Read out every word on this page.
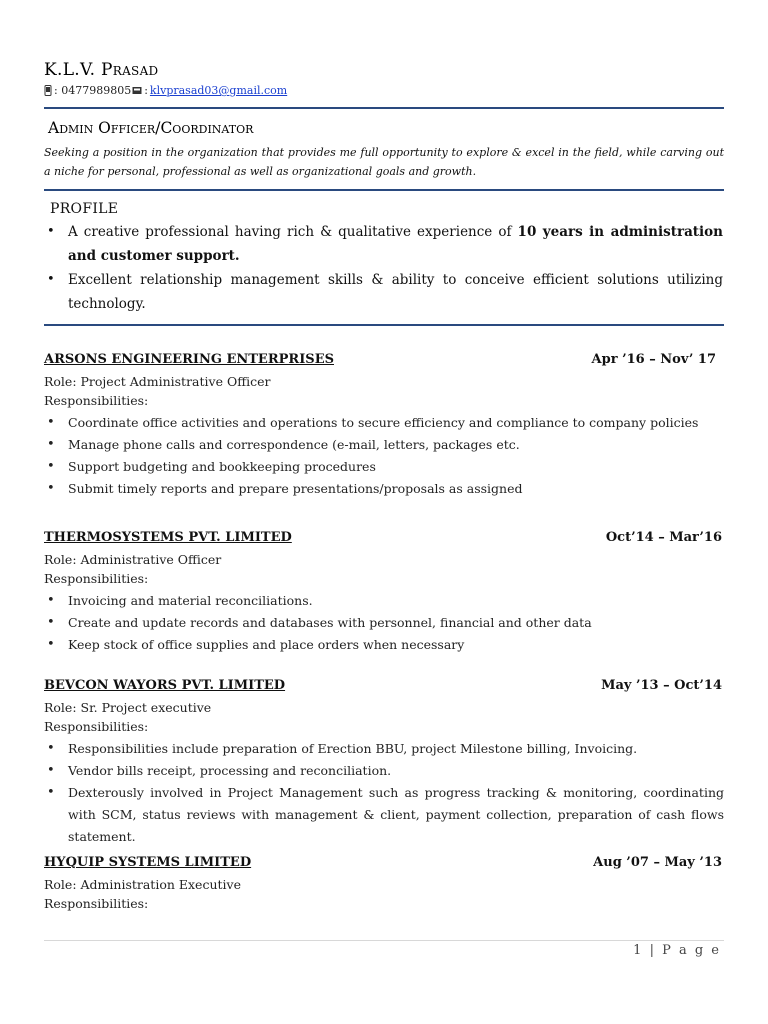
K.L.V. Prasad
: 0477989805 : klvprasad03@gmail.com
Admin Officer/Coordinator
Seeking a position in the organization that provides me full opportunity to explore & excel in the field, while carving out a niche for personal, professional as well as organizational goals and growth.
PROFILE
• A creative professional having rich & qualitative experience of 10 years in administration and customer support.
• Excellent relationship management skills & ability to conceive efficient solutions utilizing technology.
ARSONS ENGINEERING ENTERPRISES	Apr ’16 – Nov’ 17
Role: Project Administrative Officer
Responsibilities:
• Coordinate office activities and operations to secure efficiency and compliance to company policies
• Manage phone calls and correspondence (e-mail, letters, packages etc.
• Support budgeting and bookkeeping procedures
• Submit timely reports and prepare presentations/proposals as assigned
THERMOSYSTEMS PVT. LIMITED	Oct’14 – Mar’16
Role: Administrative Officer
Responsibilities:
• Invoicing and material reconciliations.
• Create and update records and databases with personnel, financial and other data
• Keep stock of office supplies and place orders when necessary
BEVCON WAYORS PVT. LIMITED	May ’13 – Oct’14
Role: Sr. Project executive
Responsibilities:
• Responsibilities include preparation of Erection BBU, project Milestone billing, Invoicing.
• Vendor bills receipt, processing and reconciliation.
• Dexterously involved in Project Management such as progress tracking & monitoring, coordinating with SCM, status reviews with management & client, payment collection, preparation of cash flows statement.
HYQUIP SYSTEMS LIMITED	Aug ’07 – May ’13
Role: Administration Executive
Responsibilities:
1 | P a g e
